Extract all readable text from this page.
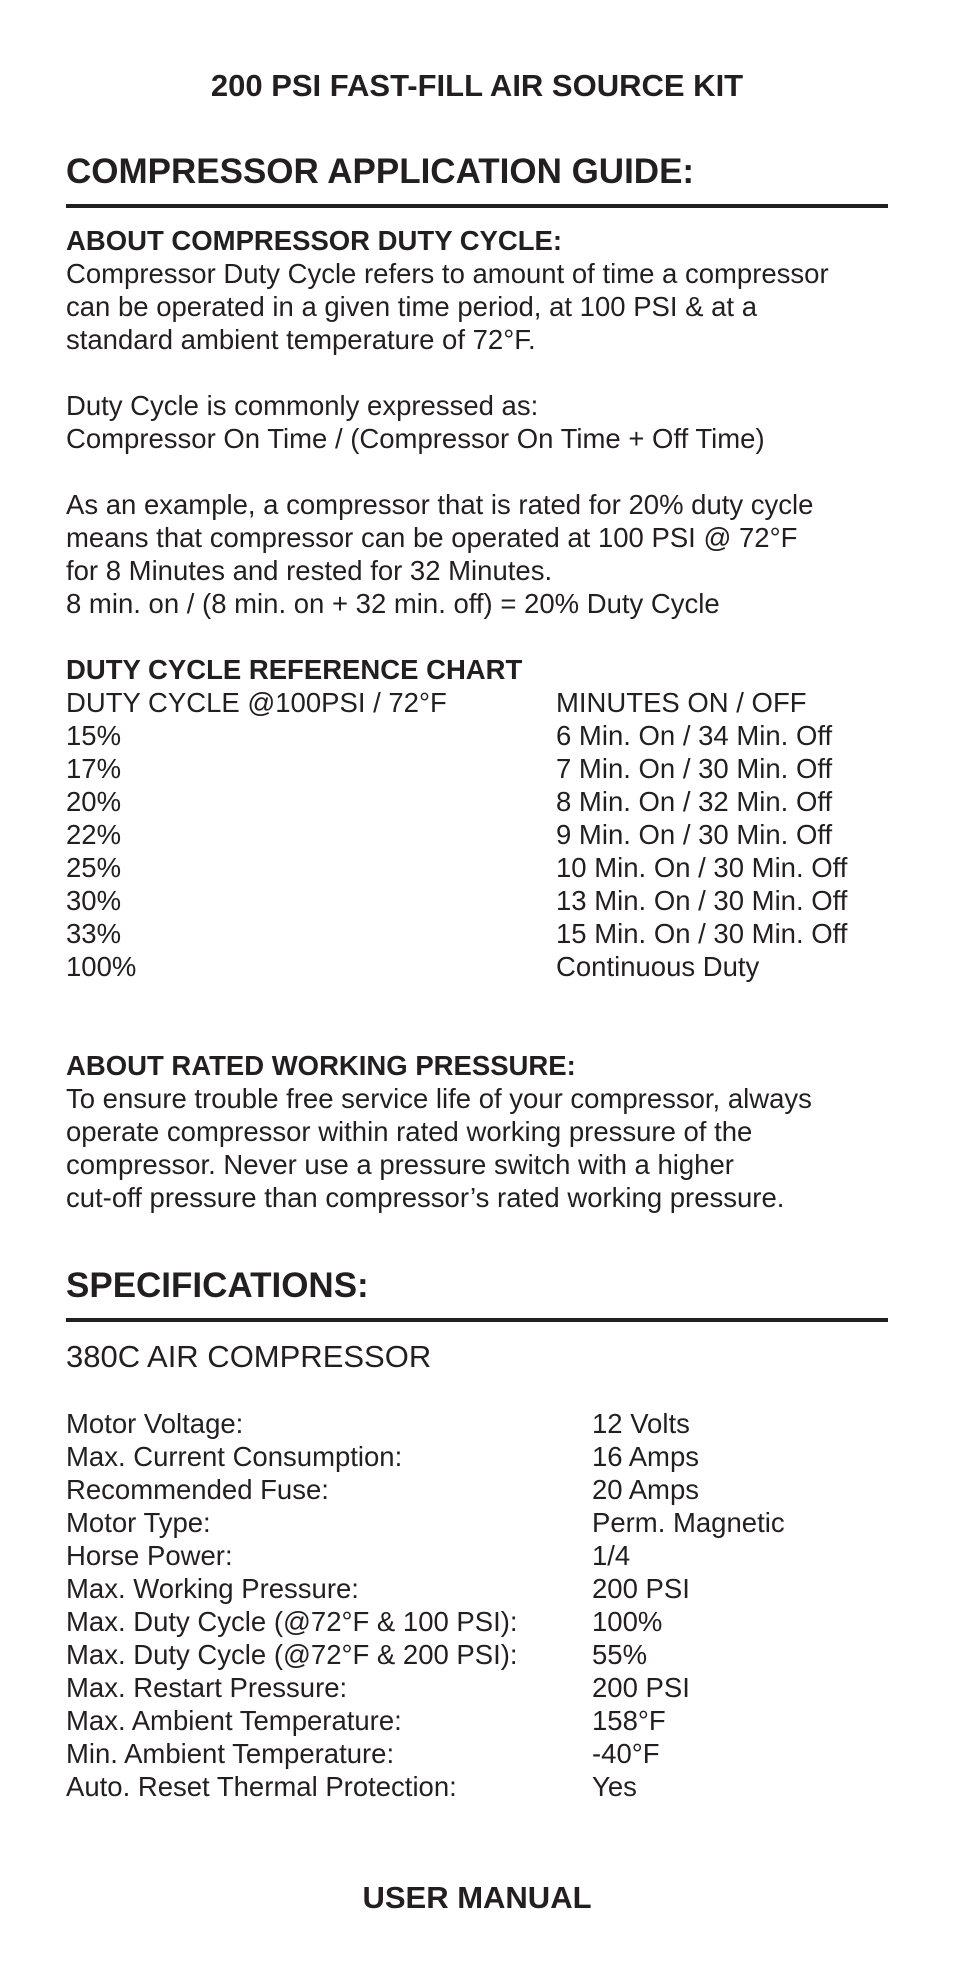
200 PSI FAST-FILL AIR SOURCE KIT
COMPRESSOR APPLICATION GUIDE:
ABOUT COMPRESSOR DUTY CYCLE:
Compressor Duty Cycle refers to amount of time a compressor
can be operated in a given time period, at 100 PSI & at a
standard ambient temperature of 72°F.
Duty Cycle is commonly expressed as:
Compressor On Time / (Compressor On Time + Off Time)
As an example, a compressor that is rated for 20% duty cycle
means that compressor can be operated at 100 PSI @ 72°F
for 8 Minutes and rested for 32 Minutes.
8 min. on / (8 min. on + 32 min. off) = 20% Duty Cycle
DUTY CYCLE REFERENCE CHART
DUTY CYCLE @100PSI / 72°F	MINUTES ON / OFF
15%	6 Min. On / 34 Min. Off
17%	7 Min. On / 30 Min. Off
20%	8 Min. On / 32 Min. Off
22%	9 Min. On / 30 Min. Off
25%	10 Min. On / 30 Min. Off
30%	13 Min. On / 30 Min. Off
33%	15 Min. On / 30 Min. Off
100%	Continuous Duty
ABOUT RATED WORKING PRESSURE:
To ensure trouble free service life of your compressor, always
operate compressor within rated working pressure of the
compressor. Never use a pressure switch with a higher
cut-off pressure than compressor’s rated working pressure.
SPECIFICATIONS:
380C AIR COMPRESSOR
Motor Voltage:	12 Volts
Max. Current Consumption:	16 Amps
Recommended Fuse:	20 Amps
Motor Type:	Perm. Magnetic
Horse Power:	1/4
Max. Working Pressure:	200 PSI
Max. Duty Cycle (@72°F & 100 PSI):	100%
Max. Duty Cycle (@72°F & 200 PSI):	55%
Max. Restart Pressure:	200 PSI
Max. Ambient Temperature:	158°F
Min. Ambient Temperature:	-40°F
Auto. Reset Thermal Protection:	Yes
USER MANUAL
